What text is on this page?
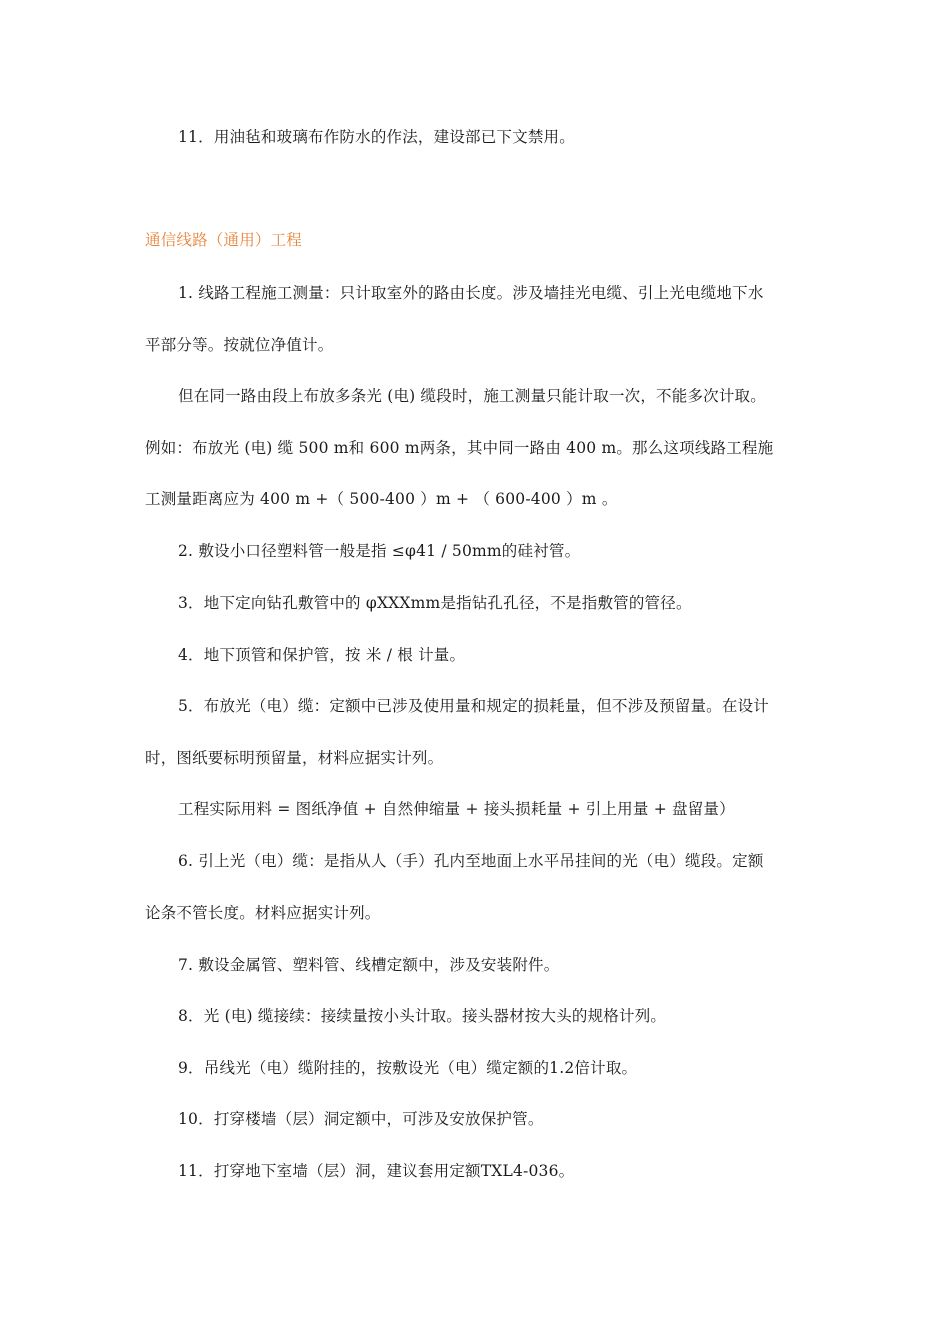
11．用油毡和玻璃布作防水的作法，建设部已下文禁用。
通信线路（通用）工程
1. 线路工程施工测量：只计取室外的路由长度。涉及墙挂光电缆、引上光电缆地下水
平部分等。按就位净值计。
但在同一路由段上布放多条光 (电) 缆段时，施工测量只能计取一次，不能多次计取。
例如：布放光 (电) 缆 500 m和 600 m两条，其中同一路由 400 m。那么这项线路工程施
工测量距离应为 400 m +（ 500-400 ）m + （ 600-400 ）m 。
2. 敷设小口径塑料管一般是指 ≤φ41 / 50mm的硅衬管。
3．地下定向钻孔敷管中的 φXXXmm是指钻孔孔径，不是指敷管的管径。
4．地下顶管和保护管，按 米 / 根 计量。
5．布放光（电）缆：定额中已涉及使用量和规定的损耗量，但不涉及预留量。在设计
时，图纸要标明预留量，材料应据实计列。
工程实际用料 = 图纸净值 + 自然伸缩量 + 接头损耗量 + 引上用量 + 盘留量）
6. 引上光（电）缆：是指从人（手）孔内至地面上水平吊挂间的光（电）缆段。定额
论条不管长度。材料应据实计列。
7. 敷设金属管、塑料管、线槽定额中，涉及安装附件。
8．光 (电) 缆接续：接续量按小头计取。接头器材按大头的规格计列。
9．吊线光（电）缆附挂的，按敷设光（电）缆定额的1.2倍计取。
10．打穿楼墙（层）洞定额中，可涉及安放保护管。
11．打穿地下室墙（层）洞，建议套用定额TXL4-036。
